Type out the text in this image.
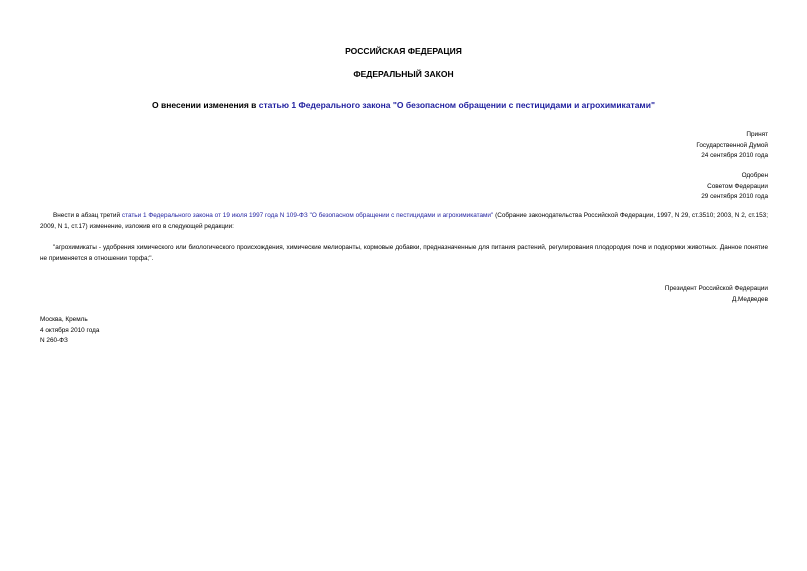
РОССИЙСКАЯ ФЕДЕРАЦИЯ
ФЕДЕРАЛЬНЫЙ ЗАКОН
О внесении изменения в статью 1 Федерального закона "О безопасном обращении с пестицидами и агрохимикатами"
Принят
Государственной Думой
24 сентября 2010 года
Одобрен
Советом Федерации
29 сентября 2010 года
Внести в абзац третий статьи 1 Федерального закона от 19 июля 1997 года N 109-ФЗ "О безопасном обращении с пестицидами и агрохимикатами" (Собрание законодательства Российской Федерации, 1997, N 29, ст.3510; 2003, N 2, ст.153; 2009, N 1, ст.17) изменение, изложив его в следующей редакции:
"агрохимикаты - удобрения химического или биологического происхождения, химические мелиоранты, кормовые добавки, предназначенные для питания растений, регулирования плодородия почв и подкормки животных. Данное понятие не применяется в отношении торфа;".
Президент Российской Федерации
Д.Медведев
Москва, Кремль
4 октября 2010 года
N 260-ФЗ
